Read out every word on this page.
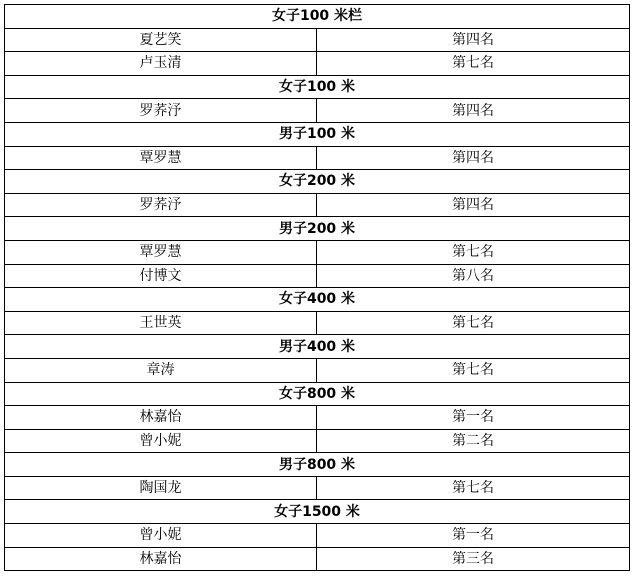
女子100 米栏	
夏艺笑	第四名
卢玉清	第七名
女子100 米	
罗荞汿	第四名
男子100 米	
覃罗慧	第四名
女子200 米	
罗荞汿	第四名
男子200 米	
覃罗慧	第七名
付博文	第八名
女子400 米	
王世英	第七名
男子400 米	
章涛	第七名
女子800 米	
林嘉怡	第一名
曾小妮	第二名
男子800 米	
陶国龙	第七名
女子1500 米	
曾小妮	第一名
林嘉怡	第三名
